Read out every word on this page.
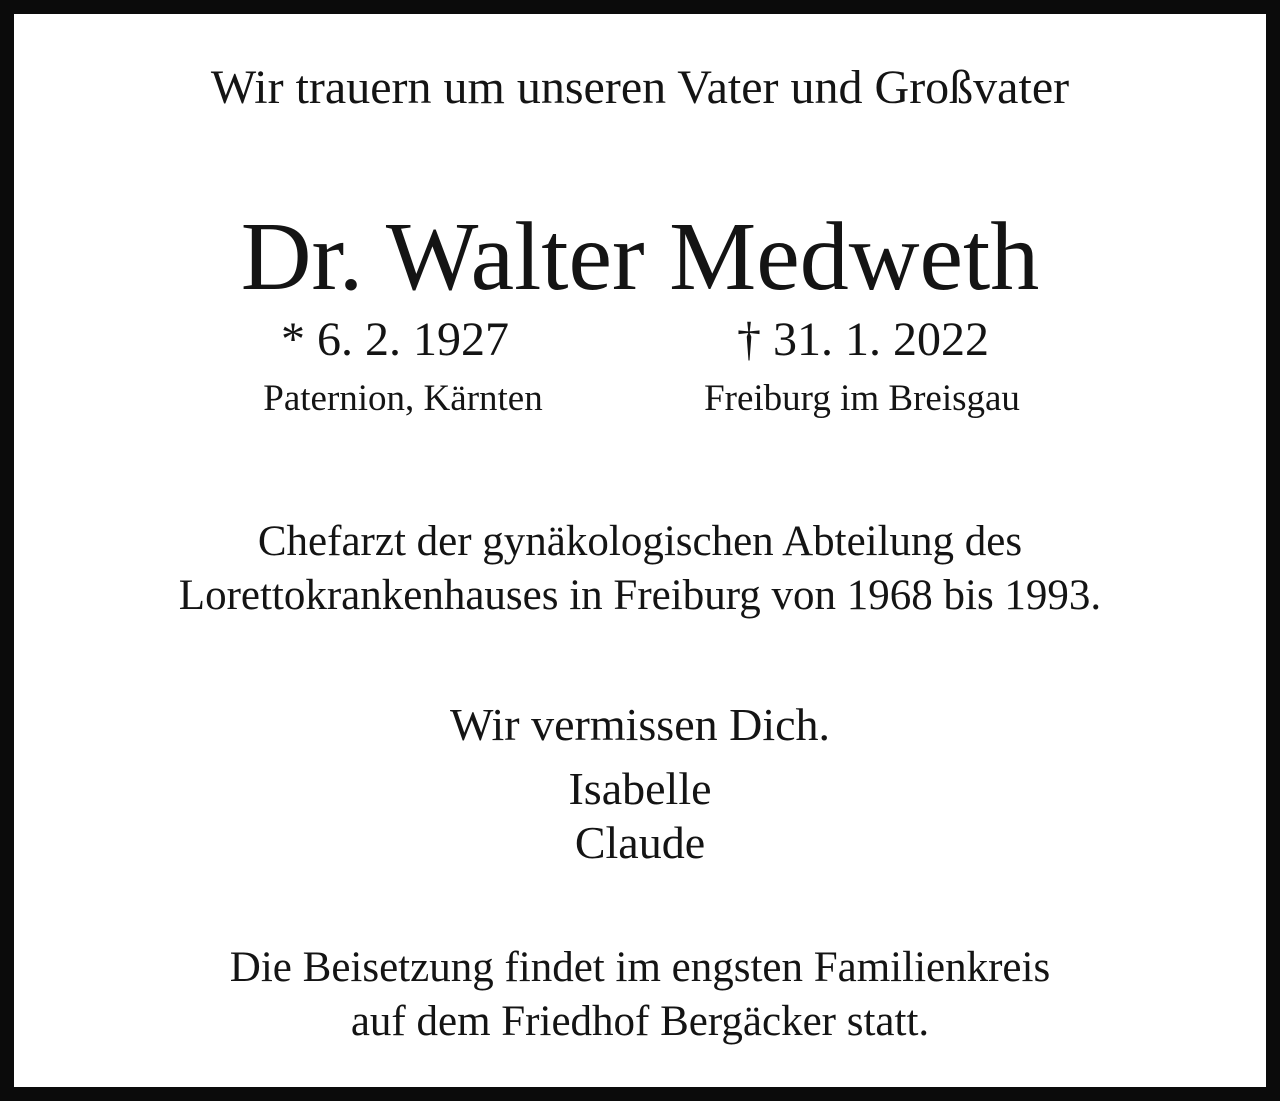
Wir trauern um unseren Vater und Großvater
Dr. Walter Medweth
* 6. 2. 1927	† 31. 1. 2022
Paternion, Kärnten	Freiburg im Breisgau
Chefarzt der gynäkologischen Abteilung des
Lorettokrankenhauses in Freiburg von 1968 bis 1993.
Wir vermissen Dich.
Isabelle
Claude
Die Beisetzung findet im engsten Familienkreis
auf dem Friedhof Bergäcker statt.
